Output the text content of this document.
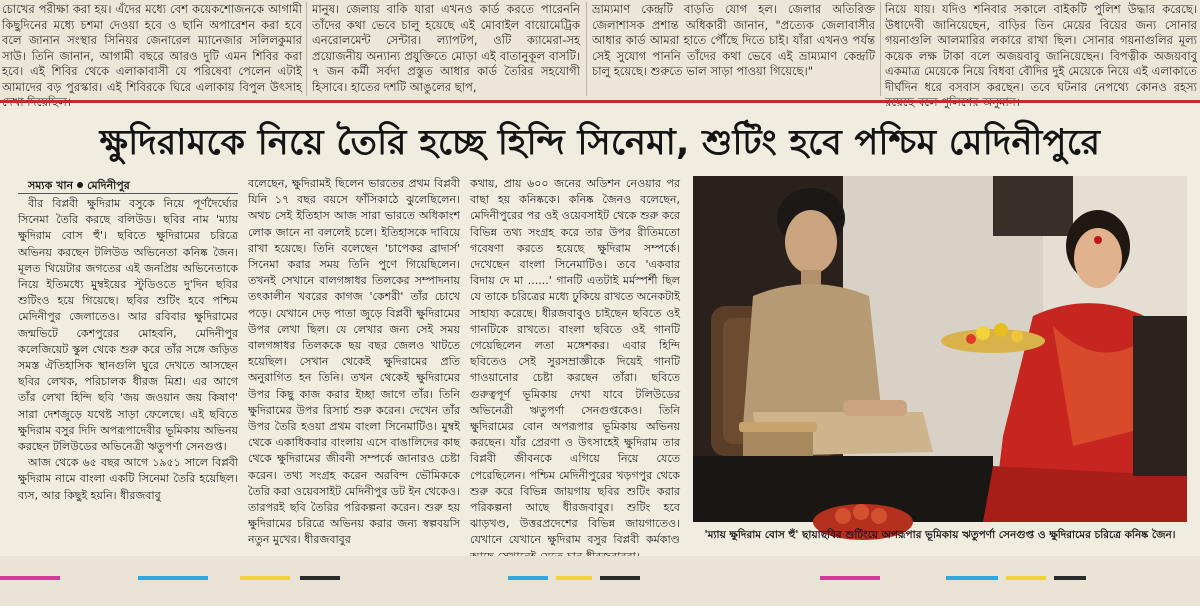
চোখের পরীক্ষা করা হয়। এঁদের মধ্যে বেশ কয়েকশোজনকে আগামী কিছুদিনের মধ্যে চশমা দেওয়া হবে ও ছানি অপারেশন করা হবে বলে জানান সংস্থার সিনিয়র জেনারেল ম্যানেজার সলিলকুমার সাউ। তিনি জানান, আগামী বছরে আরও দুটি এমন শিবির করা হবে। এই শিবির থেকে এলাকাবাসী যে পরিষেবা পেলেন এটাই আমাদের বড় পুরস্কার। এই শিবিরকে ঘিরে এলাকায় বিপুল উৎসাহ
মানুষ। জেলায় বাকি যারা এখনও কার্ড করতে পারেননি তাঁদের কথা ভেবে চালু হয়েছে এই মোবাইল বায়োমেট্রিক এনরোলমেন্ট সেন্টার। ল্যাপটপ, ওটি ক্যামেরা-সহ প্রয়োজনীয় অন্যান্য প্রযুক্তিতে মোড়া এই বাতানুকূল বাসটি। ৭ জন কর্মী সর্বদা প্রস্তুত আধার কার্ড তৈরির সহযোগী হিসাবে। হাতের দশটি আঙুলের ছাপ,
ভ্রাম্যমাণ কেন্দ্রটি বাড়তি যোগ হল। জেলার অতিরিক্ত জেলাশাসক প্রশান্ত অধিকারী জানান, "প্রত্যেক জেলাবাসীর আধার কার্ড আমরা হাতে পৌঁছে দিতে চাই। যাঁরা এখনও পর্যন্ত সেই সুযোগ পাননি তাঁদের কথা ভেবে এই ভ্রাম্যমাণ কেন্দ্রটি চালু হয়েছে। শুরুতে ভাল সাড়া পাওয়া গিয়েছে।"
নিয়ে যায়। যদিও শনিবার সকালে বাইকটি পুলিশ উদ্ধার করেছে। উধাদেবী জানিয়েছেন, বাড়ির তিন মেয়ের বিয়ের জন্য সোনার গয়নাগুলি আলমারির লকারে রাখা ছিল। সোনার গয়নাগুলির মূল্য কয়েক লক্ষ টাকা বলে অজয়বাবু জানিয়েছেন। বিপত্নীক অজয়বাবু একমাত্র মেয়েকে নিয়ে বিধবা বৌদির দুই মেয়েকে নিয়ে এই এলাকাতে দীর্ঘদিন ধরে বসবাস করছেন। তবে ঘটনার নেপথ্যে কোনও রহস্য
ক্ষুদিরামকে নিয়ে তৈরি হচ্ছে হিন্দি সিনেমা, শুটিং হবে পশ্চিম মেদিনীপুরে
সম্যক খান মেদিনীপুর

বীর বিপ্লবী ক্ষুদিরাম বসুকে নিয়ে পূর্ণদৈর্ঘ্যের সিনেমা তৈরি করছে বলিউড। ছবির নাম 'ম্যায় ক্ষুদিরাম বোস হুঁ'। ছবিতে ক্ষুদিরামের চরিত্রে অভিনয় করছেন টলিউড অভিনেতা কনিষ্ক জৈন। মূলত থিয়েটার জগতের এই জনপ্রিয় অভিনেতাকে নিয়ে ইতিমধ্যে মুম্বইয়ের স্টুডিওতে দু'দিন ছবির শুটিংও হয়ে গিয়েছে। ছবির শুটিং হবে পশ্চিম মেদিনীপুর জেলাতেও। আর রবিবার ক্ষুদিরামের জন্মভিটে কেশপুরের মোহবনি, মেদিনীপুর কলেজিয়েট স্কুল থেকে শুরু করে তাঁর সঙ্গে জড়িত সমস্ত ঐতিহাসিক স্থানগুলি ঘুরে দেখতে আসছেন ছবির লেখক, পরিচালক ধীরজ মিশ্র। এর আগে তাঁর লেখা হিন্দি ছবি 'জয় জওয়ান জয় কিষাণ' সারা দেশজুড়ে যথেষ্ট সাড়া ফেলেছে। এই ছবিতে ক্ষুদিরাম বসুর দিদি অপরূপাদেবীর ভূমিকায় অভিনয় করছেন টলিউডের অভিনেত্রী ঋতুপর্ণা সেনগুপ্ত।

আজ থেকে ৬৫ বছর আগে ১৯৫১ সালে বিপ্লবী ক্ষুদিরাম নামে বাংলা একটি সিনেমা তৈরি হয়েছিল। ব্যস, আর কিছুই হয়নি। ধীরজবাবু

বলেছেন, ক্ষুদিরামই ছিলেন ভারতের প্রথম বিপ্লবী যিনি ১৭ বছর বয়সে ফাঁসিকাঠে ঝুলেছিলেন। অথচ সেই ইতিহাস আজ সারা ভারতে অধিকাংশ লোক জানে না বললেই চলে। ইতিহাসকে দাবিয়ে রাখা হয়েছে। তিনি বলেছেন 'চাপেকর ব্রাদার্স' সিনেমা করার সময় তিনি পুণে গিয়েছিলেন। তখনই সেখানে বালগঙ্গাধর তিলকের সম্পাদনায় তৎকালীন খবরের কাগজ 'কেশরী' তাঁর চোখে পড়ে। যেখানে দেড় পাতা জুড়ে বিপ্লবী ক্ষুদিরামের উপর লেখা ছিল। যে লেখার জন্য সেই সময় বালগঙ্গাধর তিলককে ছয় বছর জেলও খাটতে হয়েছিল। সেখান থেকেই ক্ষুদিরামের প্রতি অনুরাগিত হন তিনি। তখন থেকেই ক্ষুদিরামের উপর কিছু কাজ করার ইচ্ছা জাগে তাঁর। তিনি ক্ষুদিরামের উপর রিসার্চ শুরু করেন। দেখেন তাঁর উপর তৈরি হওয়া প্রথম বাংলা সিনেমাটিও। মুম্বই থেকে একাধিকবার বাংলায় এসে বাঙালিদের কাছ থেকে ক্ষুদিরামের জীবনী সম্পর্কে জানারও চেষ্টা করেন। তথ্য সংগ্রহ করেন অরবিন্দ ভৌমিককে তৈরি করা ওয়েবসাইট মেদিনীপুর ডট ইন থেকেও। তারপরই ছবি তৈরির পরিকল্পনা করেন। শুরু হয় ক্ষুদিরামের চরিত্রে অভিনয় করার জন্য স্বল্পবয়সি নতুন মুখের। ধীরজবাবুর

কথায়, প্রায় ৬০০ জনের অডিশন নেওয়ার পর বাছা হয় কনিষ্ককে। কনিষ্ক জৈনও বলেছেন, মেদিনীপুরের পর ওই ওয়েবসাইট থেকে শুরু করে বিভিন্ন তথ্য সংগ্রহ করে তার উপর রীতিমতো গবেষণা করতে হয়েছে ক্ষুদিরাম সম্পর্কে। দেখেছেন বাংলা সিনেমাটিও। তবে 'একবার বিদায় দে মা ......' গানটি এতটাই মর্মস্পর্শী ছিল যে তাকে চরিত্রের মধ্যে ঢুকিয়ে রাখতে অনেকটাই সাহায্য করেছে। ধীরজবাবুও চাইছেন ছবিতে ওই গানটিকে রাখতে। বাংলা ছবিতে ওই গানটি গেয়েছিলেন লতা মঙ্গেশকর। এবার হিন্দি ছবিতেও সেই সুরসম্রাজ্ঞীকে দিয়েই গানটি গাওয়ানোর চেষ্টা করছেন তাঁরা। ছবিতে গুরুত্বপূর্ণ ভূমিকায় দেখা যাবে টলিউডের অভিনেত্রী ঋতুপর্ণা সেনগুপ্তকেও। তিনি ক্ষুদিরামের বোন অপরূপার ভূমিকায় অভিনয় করছেন। যাঁর প্রেরণা ও উৎসাহেই ক্ষুদিরাম তার বিপ্লবী জীবনকে এগিয়ে নিয়ে যেতে পেরেছিলেন। পশ্চিম মেদিনীপুরের খড়গপুর থেকে শুরু করে বিভিন্ন জায়গায় ছবির শুটিং করার পরিকল্পনা আছে ধীরজবাবুর। শুটিং হবে ঝাড়খণ্ড, উত্তরপ্রদেশের বিভিন্ন জায়গাতেও। যেখানে যেখানে ক্ষুদিরাম বসুর বিপ্লবী কর্মকাণ্ড	'ম্যায় ক্ষুদিরাম বোস হুঁ' ছায়াছবির শুটিংয়ে অপরূপার ভূমিকায় ঋতুপর্ণা সেনগুপ্ত ও ক্ষুদিরামের চরিত্রে কনিষ্ক জৈন।
